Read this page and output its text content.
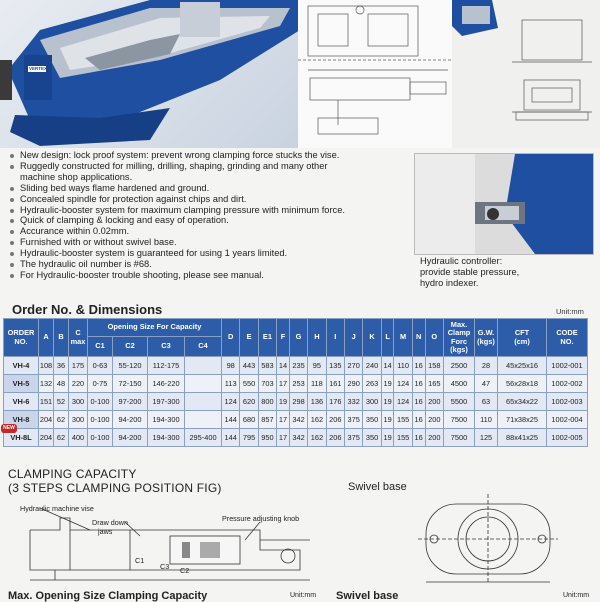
VERTEX
New design: lock proof system: prevent wrong clamping force stucks the vise.
Ruggedly constructed for milling, drilling, shaping, grinding and many other
machine shop applications.
Sliding bed ways flame hardened and ground.
Concealed spindle for protection against chips and dirt.
Hydraulic-booster system for maximum clamping pressure with minimum force.
Quick of clamping & locking and easy of operation.
Accurance within 0.02mm.
Furnished with or without swivel base.
Hydraulic-booster system is guaranteed for using 1 years limited.
The hydraulic oil number is #68.
For Hydraulic-booster trouble shooting, please see manual.
Hydraulic controller:
provide stable pressure,
hydro indexer.
Order No. & Dimensions	Unit:mm
ORDER
NO.	A	B	C
max	Opening Size For Capacity				D	E	E1	F	G	H	I	J	K	L	M	N	O	Max.
Clamp
Forc
(kgs)	G.W.
(kgs)	CFT
(cm)	CODE
NO.
				C1	C2	C3	C4																	
VH-4	108	36	175	0-63	55-120	112-175		98	443	583	14	235	95	135	270	240	14	110	16	158	2500	28	45x25x16	1002-001
VH-5	132	48	220	0-75	72-150	146-220		113	550	703	17	253	118	161	290	263	19	124	16	165	4500	47	56x28x18	1002-002
VH-6	151	52	300	0-100	97-200	197-300		124	620	800	19	298	136	176	332	300	19	124	16	200	5500	63	65x34x22	1002-003
VH-8	204	62	300	0-100	94-200	194-300		144	680	857	17	342	162	206	375	350	19	155	16	200	7500	110	71x38x25	1002-004
VH-8L	204	62	400	0-100	94-200	194-300	295-400	144	795	950	17	342	162	206	375	350	19	155	16	200	7500	125	88x41x25	1002-005
NEW
CLAMPING CAPACITY
(3 STEPS CLAMPING POSITION FIG)	Swivel base
Hydraulic machine vise
Draw down
jaws
Pressure adjusting knob
C1
C2
C3
Max. Opening Size Clamping Capacity	Unit:mm Swivel base	Unit:mm
